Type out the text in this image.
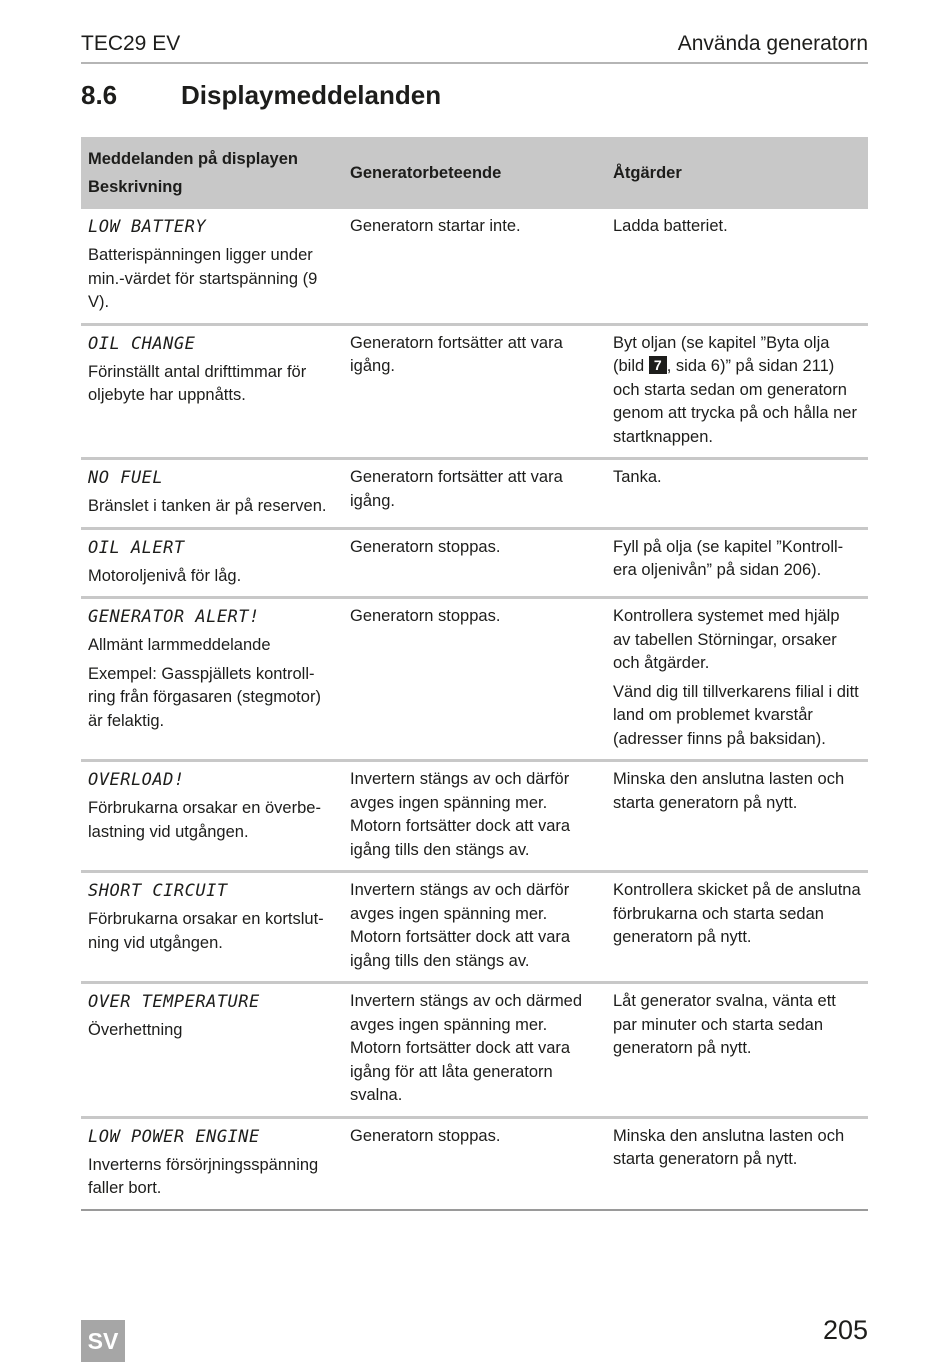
TEC29 EV	Använda generatorn
8.6 Displaymeddelanden
Meddelanden på displayen
Beskrivning	Generatorbeteende	Åtgärder

LOW BATTERY
Batterispänningen ligger under min.-värdet för startspänning (9 V).	Generatorn startar inte.	Ladda batteriet.

OIL CHANGE
Förinställt antal drifttimmar för oljebyte har uppnåtts.	Generatorn fortsätter att vara igång.	Byt oljan (se kapitel ”Byta olja (bild 7 , sida 6)” på sidan 211) och starta sedan om generatorn genom att trycka på och hålla ner startknappen.

NO FUEL
Bränslet i tanken är på reserven.	Generatorn fortsätter att vara igång.	Tanka.

OIL ALERT
Motoroljenivå för låg.	Generatorn stoppas.	Fyll på olja (se kapitel ”Kontroll-era oljenivån” på sidan 206).

GENERATOR ALERT!
Allmänt larmmeddelande
Exempel: Gasspjällets kontroll-ring från förgasaren (stegmotor) är felaktig.	Generatorn stoppas.	Kontrollera systemet med hjälp av tabellen Störningar, orsaker och åtgärder.
Vänd dig till tillverkarens filial i ditt land om problemet kvarstår (adresser finns på baksidan).

OVERLOAD!
Förbrukarna orsakar en överbe-lastning vid utgången.	Invertern stängs av och därför avges ingen spänning mer. Motorn fortsätter dock att vara igång tills den stängs av.	Minska den anslutna lasten och starta generatorn på nytt.

SHORT CIRCUIT
Förbrukarna orsakar en kortslut-ning vid utgången.	Invertern stängs av och därför avges ingen spänning mer. Motorn fortsätter dock att vara igång tills den stängs av.	Kontrollera skicket på de anslutna förbrukarna och starta sedan generatorn på nytt.

OVER TEMPERATURE
Överhettning	Invertern stängs av och därmed avges ingen spänning mer. Motorn fortsätter dock att vara igång för att låta generatorn svalna.	Låt generator svalna, vänta ett par minuter och starta sedan generatorn på nytt.

LOW POWER ENGINE
Inverterns försörjningsspänning faller bort.	Generatorn stoppas.	Minska den anslutna lasten och starta generatorn på nytt.
SV	205
